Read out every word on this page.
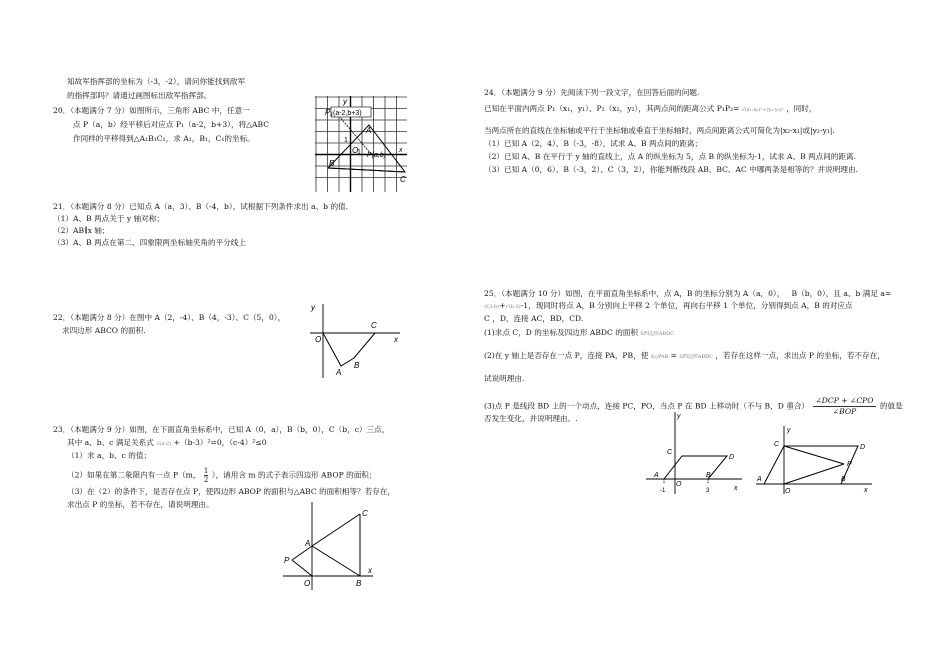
知故军指挥部的坐标为（-3，-2），请问你能找到敌军
的指挥部吗？请通过画图标出敌军指挥部。
20．（本题满分 7 分）如图所示，三角形 ABC 中，任意一
点 P（a，b）经平移后对应点 P₁（a-2，b+3），将△ABC
作同样的平移得到△A₁B₁C₁，求 A₁，B₁，C₁的坐标。
P₁ (a-2,b+3)
y
x
A
O
1
1 P(a,b)
B
C
21．（本题满分 8 分）已知点 A（a，3）、B（-4，b），试根据下列条件求出 a、b 的值.
（1）A、B 两点关于 y 轴对称；
（2）AB∥x 轴；
（3）A、B 两点在第二、四象限两坐标轴夹角的平分线上
22．（本题满分 8 分）在图中 A（2，-4）、B（4，-3）、C（5，0），
求四边形 ABCO 的面积.
y
O
C
x
A
B
23．（本题满分 9 分）如图，在下面直角坐标系中，已知 A（0，a），B（b，0），C（b，c）三点，
其中 a、b、c 满足关系式 √(a-2) +（b-3）²=0，（c-4）²≤0
（1）求 a、b、c 的值；
（2）如果在第二象限内有一点 P（m， $\frac{1}{2}$ ），请用含 m 的式子表示四边形 ABOP 的面积；
（3）在（2）的条件下，是否存在点 P，使四边形 ABOP 的面积与△ABC 的面积相等？若存在，
求出点 P 的坐标，若不存在，请说明理由。
C
A
P
O	B
x
24．（本题满分 9 分）先阅读下列一段文字，在回答后面的问题.
已知在平面内两点 P₁（x₁，y₁）、P₂（x₂，y₂），其两点间的距离公式 P₁P₂= √(x₁-x₂)²+(y₁-y₂)² ，同时，
当两点所在的直线在坐标轴或平行于坐标轴或垂直于坐标轴时，两点间距离公式可简化为|x₂-x₁|或|y₂-y₁|.
（1）已知 A（2，4）、B（-3，-8），试求 A、B 两点间的距离；
（2）已知 A、B 在平行于 y 轴的直线上，点 A 的纵坐标为 5，点 B 的纵坐标为-1，试求 A、B 两点间的距离.
（3）已知 A（0，6）、B（-3，2）、C（3，2），你能判断线段 AB、BC、AC 中哪两条是相等的？并说明理由.
25．（本题满分 10 分）如图，在平面直角坐标系中，点 A，B 的坐标分别为 A（a，0）， B（b，0），且 a、b 满足 a=
√(3-b)+√(b-3)-1，现同时将点 A，B 分别向上平移 2 个单位，再向右平移 1 个单位，分别得到点 A，B 的对应点
C ，D，连接 AC，BD，CD.
(1)求点 C，D 的坐标及四边形 ABDC 的面积 S四边形ABDC
(2)在 y 轴上是否存在一点 P，连接 PA，PB，使 S△PAB = S四边形ABDC ，若存在这样一点，求出点 P 的坐标，若不存在，
试说明理由.
(3)点 P 是线段 BD 上的一个动点，连接 PC，PO，当点 P 在 BD 上移动时（不与 B，D 重合）
∠DCP + ∠CPO
∠BOP
的值是
否发生变化，并说明理由。.	y
C
D
A
O
B
x
-1	3
y
C	D
P
A	B
O	x
